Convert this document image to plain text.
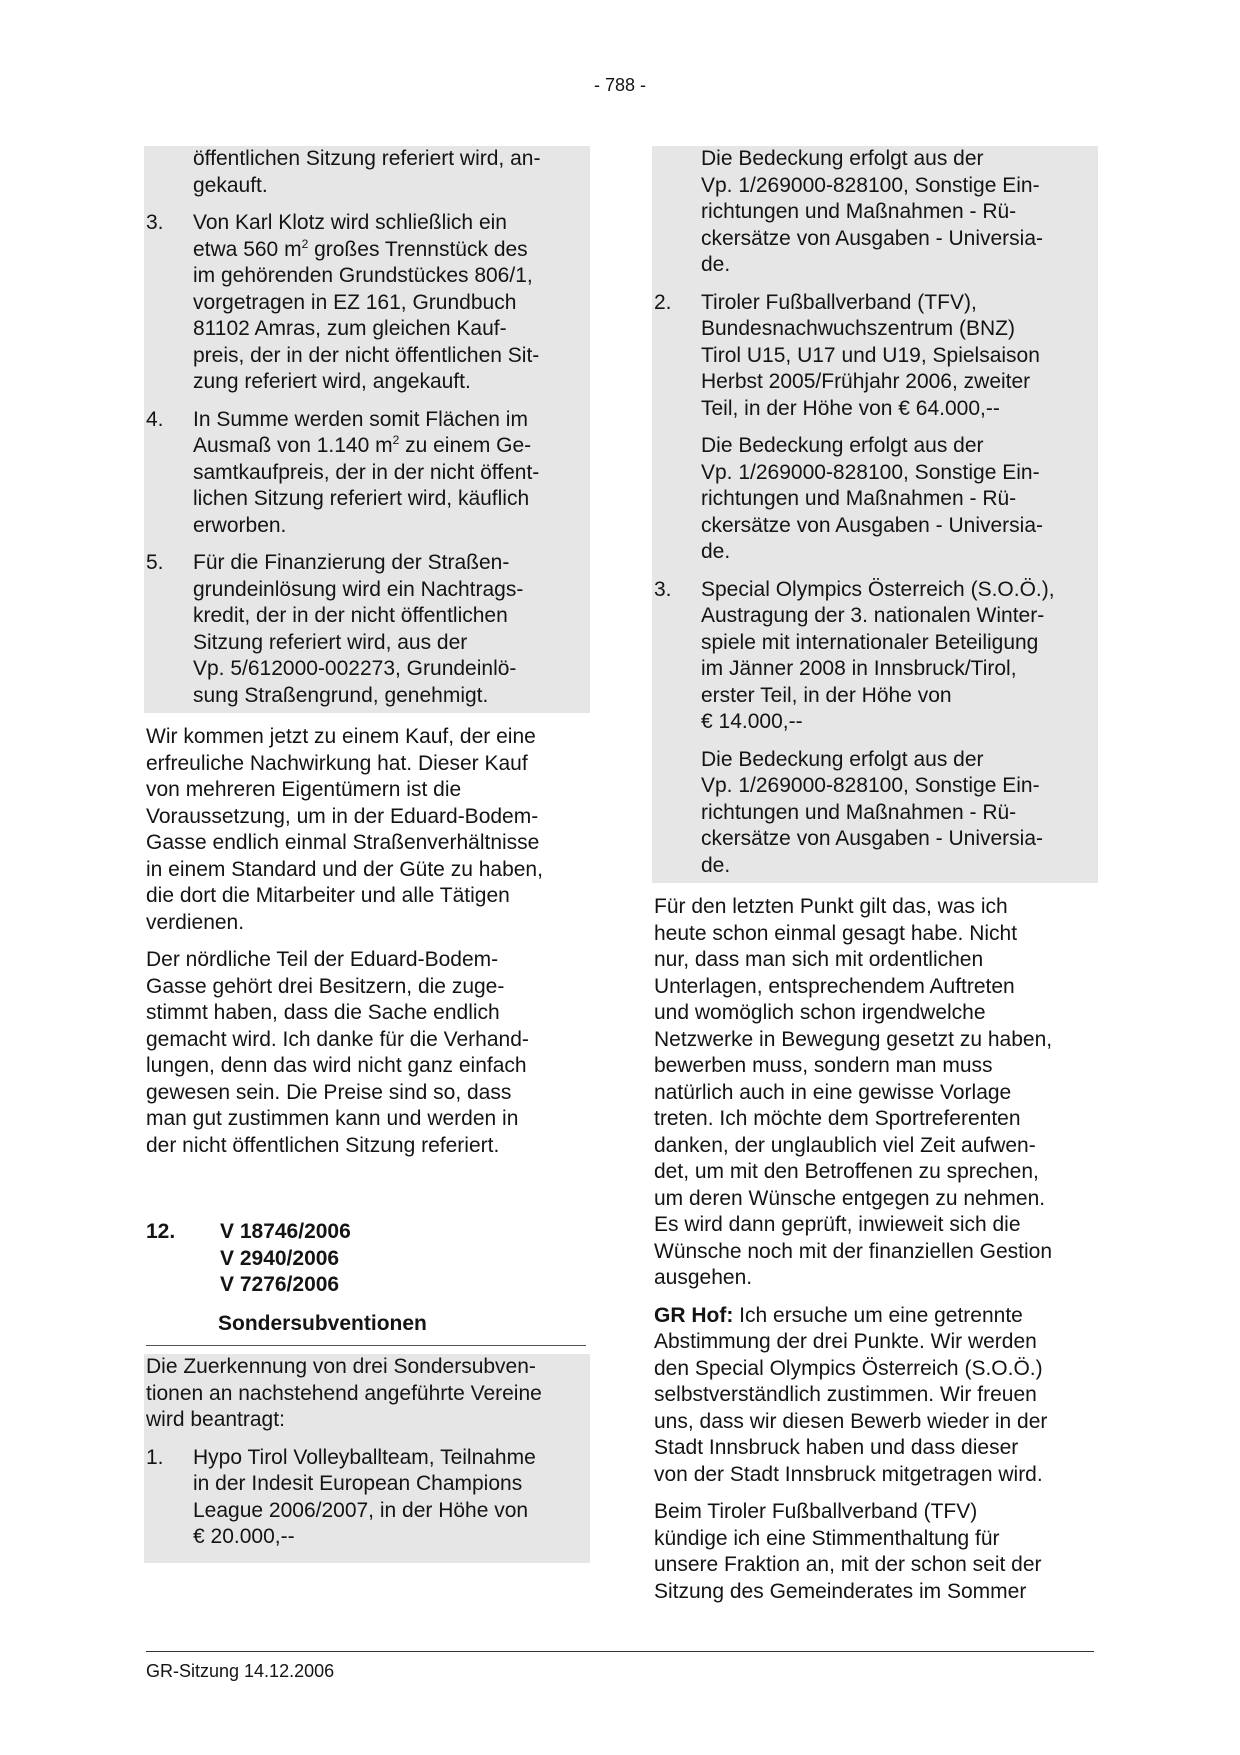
- 788 -
öffentlichen Sitzung referiert wird, an-
gekauft.
3.	Von Karl Klotz wird schließlich ein
etwa 560 $m^2$ großes Trennstück des
im gehörenden Grundstückes 806/1,
vorgetragen in EZ 161, Grundbuch
81102 Amras, zum gleichen Kauf-
preis, der in der nicht öffentlichen Sit-
zung referiert wird, angekauft.
4.	In Summe werden somit Flächen im
Ausmaß von 1.140 $m^2$ zu einem Ge-
samtkaufpreis, der in der nicht öffent-
lichen Sitzung referiert wird, käuflich
erworben.
5.	Für die Finanzierung der Straßen-
grundeinlösung wird ein Nachtrags-
kredit, der in der nicht öffentlichen
Sitzung referiert wird, aus der
Vp. 5/612000-002273, Grundeinlö-
sung Straßengrund, genehmigt.

Wir kommen jetzt zu einem Kauf, der eine
erfreuliche Nachwirkung hat. Dieser Kauf
von mehreren Eigentümern ist die
Voraussetzung, um in der Eduard-Bodem-
Gasse endlich einmal Straßenverhältnisse
in einem Standard und der Güte zu haben,
die dort die Mitarbeiter und alle Tätigen
verdienen.

Der nördliche Teil der Eduard-Bodem-
Gasse gehört drei Besitzern, die zuge-
stimmt haben, dass die Sache endlich
gemacht wird. Ich danke für die Verhand-
lungen, denn das wird nicht ganz einfach
gewesen sein. Die Preise sind so, dass
man gut zustimmen kann und werden in
der nicht öffentlichen Sitzung referiert.

12.	V 18746/2006
V 2940/2006
V 7276/2006
Sondersubventionen
Die Zuerkennung von drei Sondersubven-
tionen an nachstehend angeführte Vereine
wird beantragt:
1.	Hypo Tirol Volleyballteam, Teilnahme
in der Indesit European Champions
League 2006/2007, in der Höhe von
€ 20.000,--
Die Bedeckung erfolgt aus der
Vp. 1/269000-828100, Sonstige Ein-
richtungen und Maßnahmen - Rü-
ckersätze von Ausgaben - Universia-
de.
2.	Tiroler Fußballverband (TFV),
Bundesnachwuchszentrum (BNZ)
Tirol U15, U17 und U19, Spielsaison
Herbst 2005/Frühjahr 2006, zweiter
Teil, in der Höhe von € 64.000,--
Die Bedeckung erfolgt aus der
Vp. 1/269000-828100, Sonstige Ein-
richtungen und Maßnahmen - Rü-
ckersätze von Ausgaben - Universia-
de.
3.	Special Olympics Österreich (S.O.Ö.),
Austragung der 3. nationalen Winter-
spiele mit internationaler Beteiligung
im Jänner 2008 in Innsbruck/Tirol,
erster Teil, in der Höhe von
€ 14.000,--
Die Bedeckung erfolgt aus der
Vp. 1/269000-828100, Sonstige Ein-
richtungen und Maßnahmen - Rü-
ckersätze von Ausgaben - Universia-
de.

Für den letzten Punkt gilt das, was ich
heute schon einmal gesagt habe. Nicht
nur, dass man sich mit ordentlichen
Unterlagen, entsprechendem Auftreten
und womöglich schon irgendwelche
Netzwerke in Bewegung gesetzt zu haben,
bewerben muss, sondern man muss
natürlich auch in eine gewisse Vorlage
treten. Ich möchte dem Sportreferenten
danken, der unglaublich viel Zeit aufwen-
det, um mit den Betroffenen zu sprechen,
um deren Wünsche entgegen zu nehmen.
Es wird dann geprüft, inwieweit sich die
Wünsche noch mit der finanziellen Gestion
ausgehen.

GR Hof: Ich ersuche um eine getrennte
Abstimmung der drei Punkte. Wir werden
den Special Olympics Österreich (S.O.Ö.)
selbstverständlich zustimmen. Wir freuen
uns, dass wir diesen Bewerb wieder in der
Stadt Innsbruck haben und dass dieser
von der Stadt Innsbruck mitgetragen wird.

Beim Tiroler Fußballverband (TFV)
kündige ich eine Stimmenthaltung für
unsere Fraktion an, mit der schon seit der
Sitzung des Gemeinderates im Sommer

GR-Sitzung 14.12.2006
